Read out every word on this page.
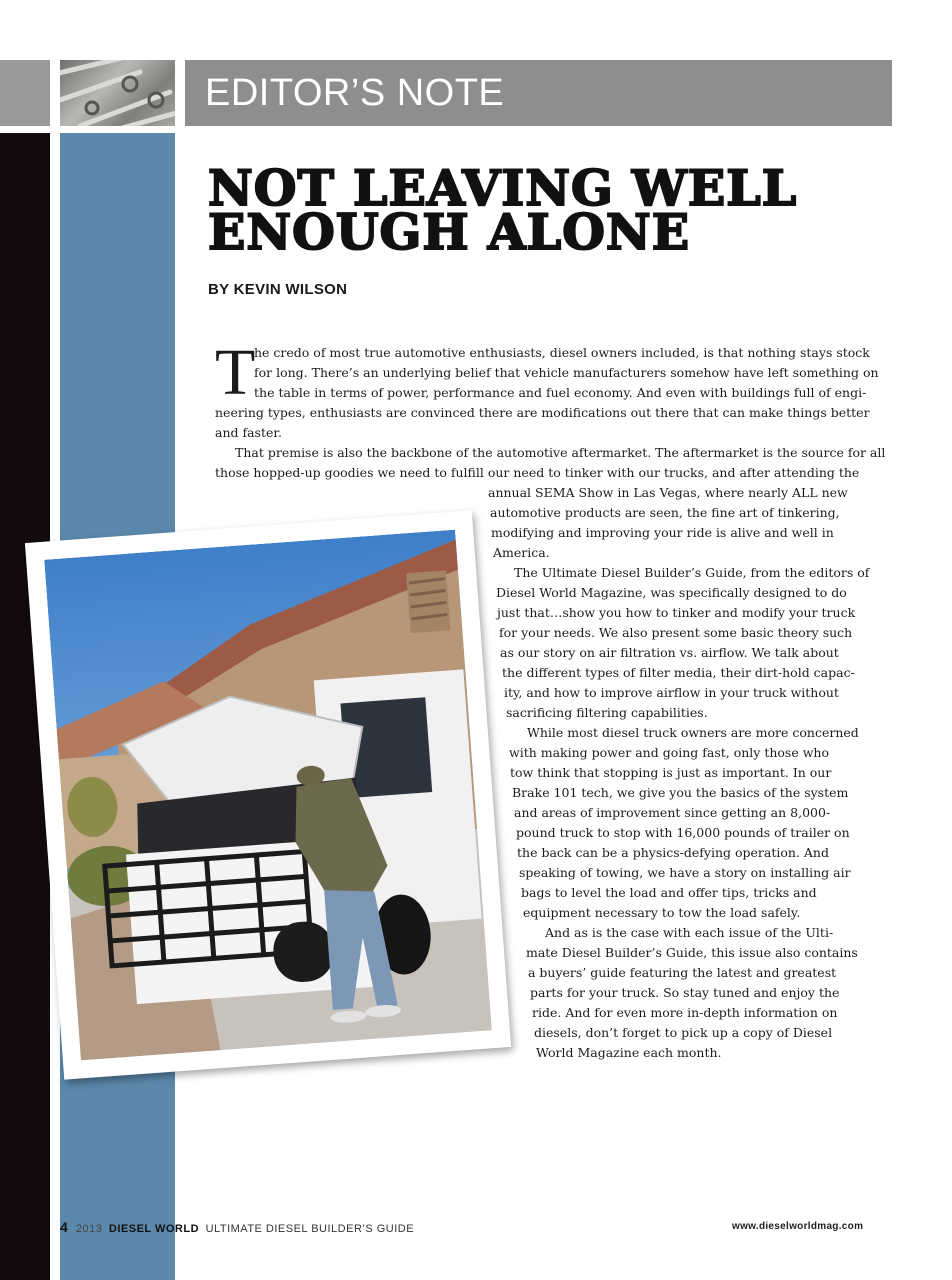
EDITOR’S NOTE
NOT LEAVING WELL
ENOUGH ALONE
BY KEVIN WILSON
T
he credo of most true automotive enthusiasts, diesel owners included, is that nothing stays stock
for long. There’s an underlying belief that vehicle manufacturers somehow have left something on
the table in terms of power, performance and fuel economy. And even with buildings full of engi-
neering types, enthusiasts are convinced there are modifications out there that can make things better
and faster.
That premise is also the backbone of the automotive aftermarket. The aftermarket is the source for all
those hopped-up goodies we need to fulfill our need to tinker with our trucks, and after attending the
annual SEMA Show in Las Vegas, where nearly ALL new
automotive products are seen, the fine art of tinkering,
modifying and improving your ride is alive and well in
America.
The Ultimate Diesel Builder’s Guide, from the editors of
Diesel World Magazine, was specifically designed to do
just that…show you how to tinker and modify your truck
for your needs. We also present some basic theory such
as our story on air filtration vs. airflow. We talk about
the different types of filter media, their dirt-hold capac-
ity, and how to improve airflow in your truck without
sacrificing filtering capabilities.
While most diesel truck owners are more concerned
with making power and going fast, only those who
tow think that stopping is just as important. In our
Brake 101 tech, we give you the basics of the system
and areas of improvement since getting an 8,000-
pound truck to stop with 16,000 pounds of trailer on
the back can be a physics-defying operation. And
speaking of towing, we have a story on installing air
bags to level the load and offer tips, tricks and
equipment necessary to tow the load safely.
And as is the case with each issue of the Ulti-
mate Diesel Builder’s Guide, this issue also contains
a buyers’ guide featuring the latest and greatest
parts for your truck. So stay tuned and enjoy the
ride. And for even more in-depth information on
diesels, don’t forget to pick up a copy of Diesel
World Magazine each month.
4 2013 DIESEL WORLD ULTIMATE DIESEL BUILDER’S GUIDE	www.dieselworldmag.com
